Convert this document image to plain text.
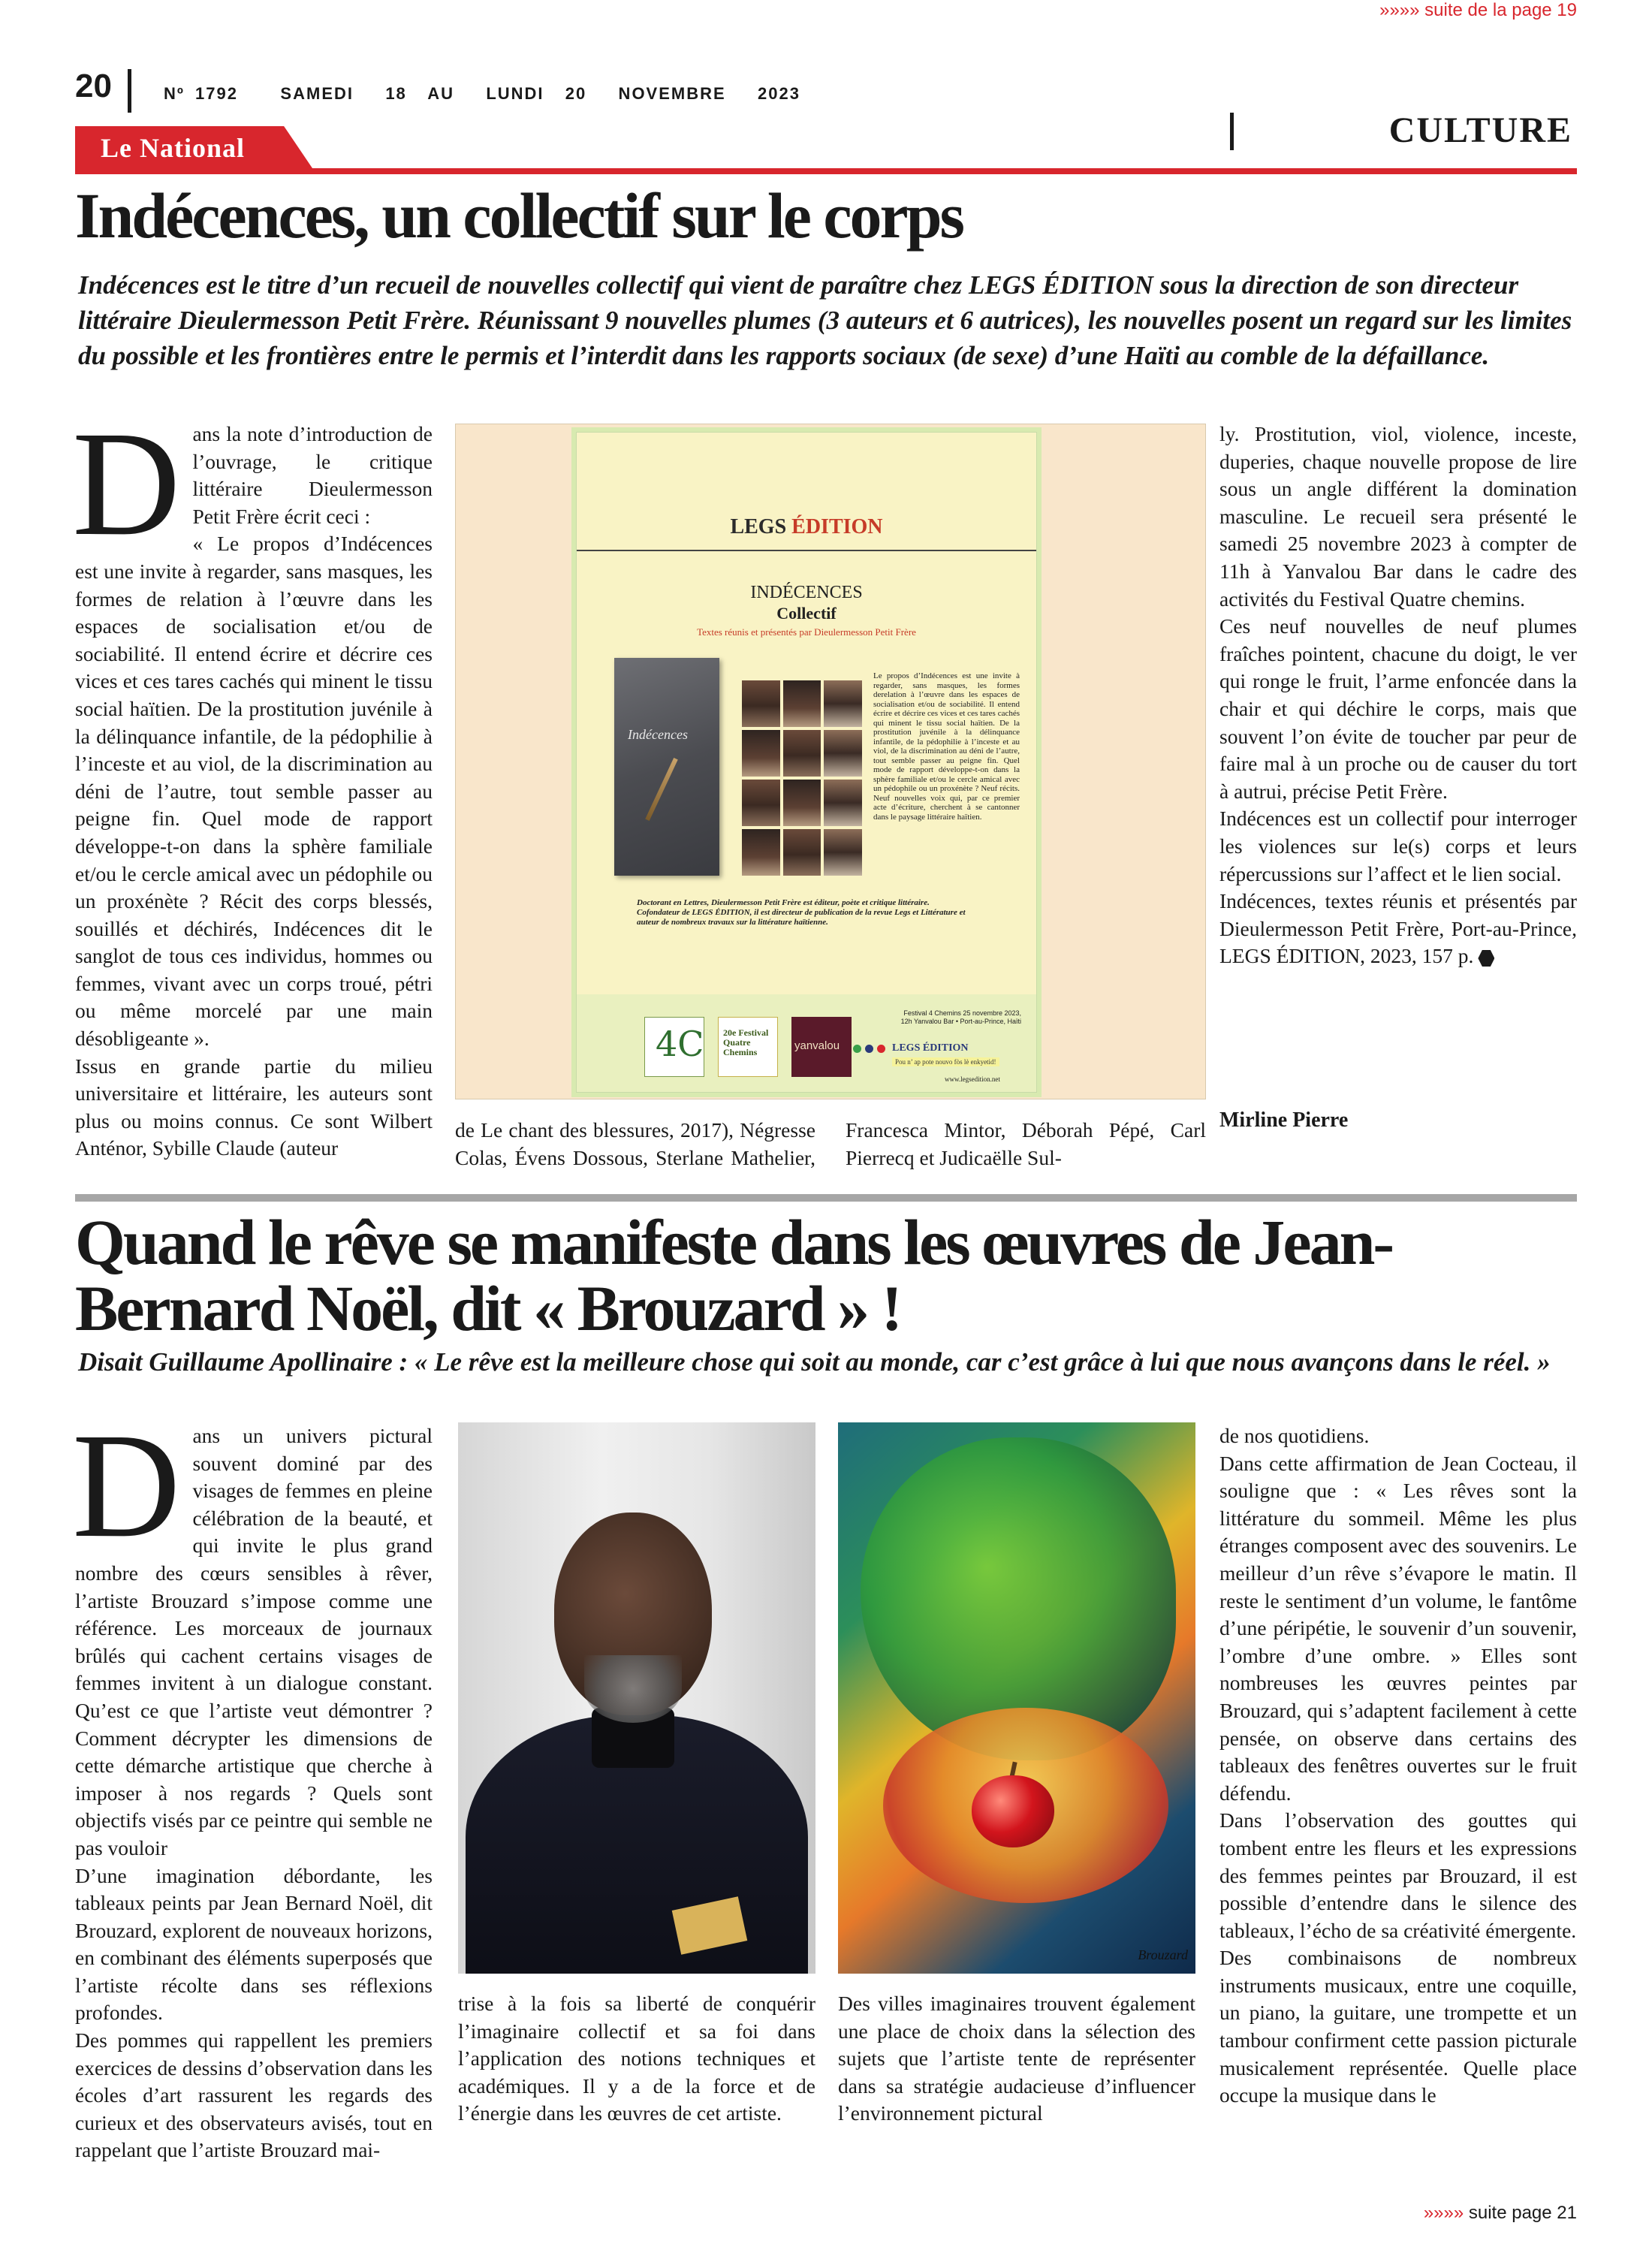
»»»» suite de la page 19
20	Nº 1792    SAMEDI   18  AU   LUNDI  20   NOVEMBRE   2023
CULTURE
Le National
Indécences, un collectif sur le corps
Indécences est le titre d’un recueil de nouvelles collectif qui vient de paraître chez LEGS ÉDITION sous la direction de son directeur littéraire Dieulermesson Petit Frère. Réunissant 9 nouvelles plumes (3 auteurs et 6 autrices), les nouvelles posent un regard sur les limites du possible et les frontières entre le permis et l’interdit dans les rapports sociaux (de sexe) d’une Haïti au comble de la défaillance.
D ans la note d’introduction de l’ouvrage, le critique littéraire Dieulermesson Petit Frère écrit ceci :

« Le propos d’Indécences est une invite à regarder, sans masques, les formes de relation à l’œuvre dans les espaces de socialisation et/ou de sociabilité. Il entend écrire et décrire ces vices et ces tares cachés qui minent le tissu social haïtien. De la prostitution juvénile à la délinquance infantile, de la pédophilie à l’inceste et au viol, de la discrimination au déni de l’autre, tout semble passer au peigne fin. Quel mode de rapport développe-t-on dans la sphère familiale et/ou le cercle amical avec un pédophile ou un proxénète ? Récit des corps blessés, souillés et déchirés, Indécences dit le sanglot de tous ces individus, hommes ou femmes, vivant avec un corps troué, pétri ou même morcelé par une main désobligeante ».

Issus en grande partie du milieu universitaire et littéraire, les auteurs sont plus ou moins connus. Ce sont Wilbert Anténor, Sybille Claude (auteur

LEGS ÉDITION
INDÉCENCES
Collectif
Textes réunis et présentés par Dieulermesson Petit Frère
Indécences
Le propos d’Indécences est une invite à regarder, sans masques, les formes derelation à l’œuvre dans les espaces de socialisation et/ou de sociabilité. Il entend écrire et décrire ces vices et ces tares cachés qui minent le tissu social haïtien. De la prostitution juvénile à la délinquance infantile, de la pédophilie à l’inceste et au viol, de la discrimination au déni de l’autre, tout semble passer au peigne fin. Quel mode de rapport développe-t-on dans la sphère familiale et/ou le cercle amical avec un pédophile ou un proxénète ? Neuf récits. Neuf nouvelles voix qui, par ce premier acte d’écriture, cherchent à se cantonner dans le paysage littéraire haïtien.
Doctorant en Lettres, Dieulermesson Petit Frère est éditeur, poète et critique littéraire. Cofondateur de LEGS ÉDITION, il est directeur de publication de la revue Legs et Littérature et auteur de nombreux travaux sur la littérature haïtienne.
4C 20e Festival Quatre Chemins	yanvalou	LEGS ÉDITION
Pou n’ ap pote nouvo fòs lè enkyetid!
www.legsedition.net
Festival 4 Chemins 25 novembre 2023, 12h Yanvalou Bar • Port-au-Prince, Haïti

de Le chant des blessures, 2017), Négresse Colas, Évens Dossous, Sterlane Mathelier, Francesca Mintor, Déborah Pépé, Carl Pierrecq et Judicaëlle Sul-

ly. Prostitution, viol, violence, inceste, duperies, chaque nouvelle propose de lire sous un angle différent la domination masculine. Le recueil sera présenté le samedi 25 novembre 2023 à compter de 11h à Yanvalou Bar dans le cadre des activités du Festival Quatre chemins.

Ces neuf nouvelles de neuf plumes fraîches pointent, chacune du doigt, le ver qui ronge le fruit, l’arme enfoncée dans la chair et qui déchire le corps, mais que souvent l’on évite de toucher par peur de faire mal à un proche ou de causer du tort à autrui, précise Petit Frère.

Indécences est un collectif pour interroger les violences sur le(s) corps et leurs répercussions sur l’affect et le lien social.

Indécences, textes réunis et présentés par Dieulermesson Petit Frère, Port-au-Prince, LEGS ÉDITION, 2023, 157 p.

Mirline Pierre
Quand le rêve se manifeste dans les œuvres de Jean-Bernard Noël, dit « Brouzard » !
Disait Guillaume Apollinaire : « Le rêve est la meilleure chose qui soit au monde, car c’est grâce à lui que nous avançons dans le réel. »
D ans un univers pictural souvent dominé par des visages de femmes en pleine célébration de la beauté, et qui invite le plus grand nombre des cœurs sensibles à rêver, l’artiste Brouzard s’impose comme une référence. Les morceaux de journaux brûlés qui cachent certains visages de femmes invitent à un dialogue constant. Qu’est ce que l’artiste veut démontrer ? Comment décrypter les dimensions de cette démarche artistique que cherche à imposer à nos regards ? Quels sont objectifs visés par ce peintre qui semble ne pas vouloir

D’une imagination débordante, les tableaux peints par Jean Bernard Noël, dit Brouzard, explorent de nouveaux horizons, en combinant des éléments superposés que l’artiste récolte dans ses réflexions profondes.

Des pommes qui rappellent les premiers exercices de dessins d’observation dans les écoles d’art rassurent les regards des curieux et des observateurs avisés, tout en rappelant que l’artiste Brouzard mai-

Brouzard

trise à la fois sa liberté de conquérir l’imaginaire collectif et sa foi dans l’application des notions techniques et académiques. Il y a de la force et de l’énergie dans les œuvres de cet artiste.

Des villes imaginaires trouvent également une place de choix dans la sélection des sujets que l’artiste tente de représenter dans sa stratégie audacieuse d’influencer l’environnement pictural

de nos quotidiens.

Dans cette affirmation de Jean Cocteau, il souligne que : « Les rêves sont la littérature du sommeil. Même les plus étranges composent avec des souvenirs. Le meilleur d’un rêve s’évapore le matin. Il reste le sentiment d’un volume, le fantôme d’une péripétie, le souvenir d’un souvenir, l’ombre d’une ombre. » Elles sont nombreuses les œuvres peintes par Brouzard, qui s’adaptent facilement à cette pensée, on observe dans certains des tableaux des fenêtres ouvertes sur le fruit défendu.

Dans l’observation des gouttes qui tombent entre les fleurs et les expressions des femmes peintes par Brouzard, il est possible d’entendre dans le silence des tableaux, l’écho de sa créativité émergente.

Des combinaisons de nombreux instruments musicaux, entre une coquille, un piano, la guitare, une trompette et un tambour confirment cette passion picturale musicalement représentée. Quelle place occupe la musique dans le

»»»» suite page 21
